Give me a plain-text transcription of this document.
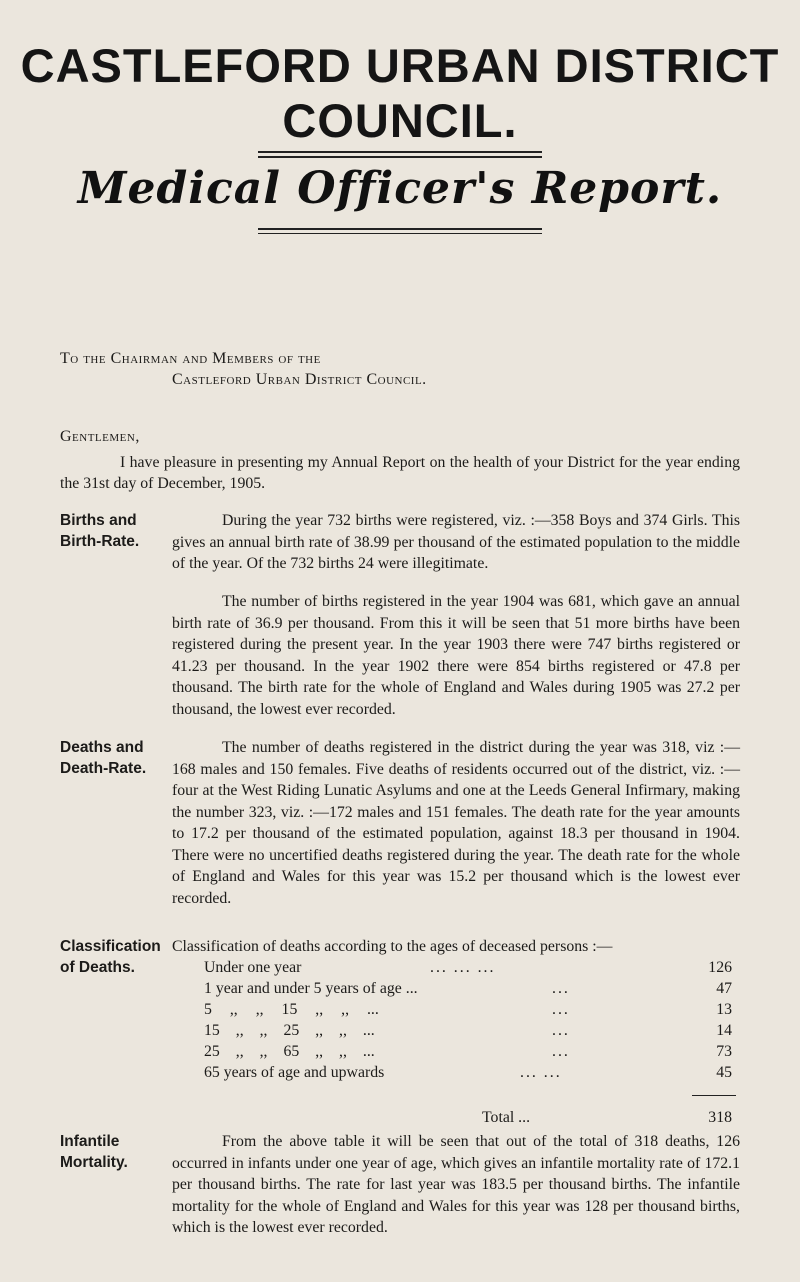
CASTLEFORD URBAN DISTRICT COUNCIL.
Medical Officer's Report.
To the Chairman and Members of the
Castleford Urban District Council.
Gentlemen,
I have pleasure in presenting my Annual Report on the health of your District for the year ending the 31st day of December, 1905.
Births and
Birth-Rate.
During the year 732 births were registered, viz. :—358 Boys and 374 Girls. This gives an annual birth rate of 38.99 per thousand of the estimated population to the middle of the year. Of the 732 births 24 were illegitimate.
The number of births registered in the year 1904 was 681, which gave an annual birth rate of 36.9 per thousand. From this it will be seen that 51 more births have been registered during the present year. In the year 1903 there were 747 births registered or 41.23 per thousand. In the year 1902 there were 854 births registered or 47.8 per thousand. The birth rate for the whole of England and Wales during 1905 was 27.2 per thousand, the lowest ever recorded.
Deaths and
Death-Rate.
The number of deaths registered in the district during the year was 318, viz :— 168 males and 150 females. Five deaths of residents occurred out of the district, viz. :—four at the West Riding Lunatic Asylums and one at the Leeds General Infirmary, making the number 323, viz. :—172 males and 151 females. The death rate for the year amounts to 17.2 per thousand of the estimated population, against 18.3 per thousand in 1904. There were no uncertified deaths registered during the year. The death rate for the whole of England and Wales for this year was 15.2 per thousand which is the lowest ever recorded.
Classification
of Deaths.
Classification of deaths according to the ages of deceased persons :—
Under one year	... ... ...	126
1 year and under 5 years of age ...	...	47
5 ,, ,, 15 ,, ,, ...	...	13
15 ,, ,, 25 ,, ,, ...	...	14
25 ,, ,, 65 ,, ,, ...	...	73
65 years of age and upwards	... ...	45
Total ...	318
Infantile
Mortality.
From the above table it will be seen that out of the total of 318 deaths, 126 occurred in infants under one year of age, which gives an infantile mortality rate of 172.1 per thousand births. The rate for last year was 183.5 per thousand births. The infantile mortality for the whole of England and Wales for this year was 128 per thousand births, which is the lowest ever recorded.
